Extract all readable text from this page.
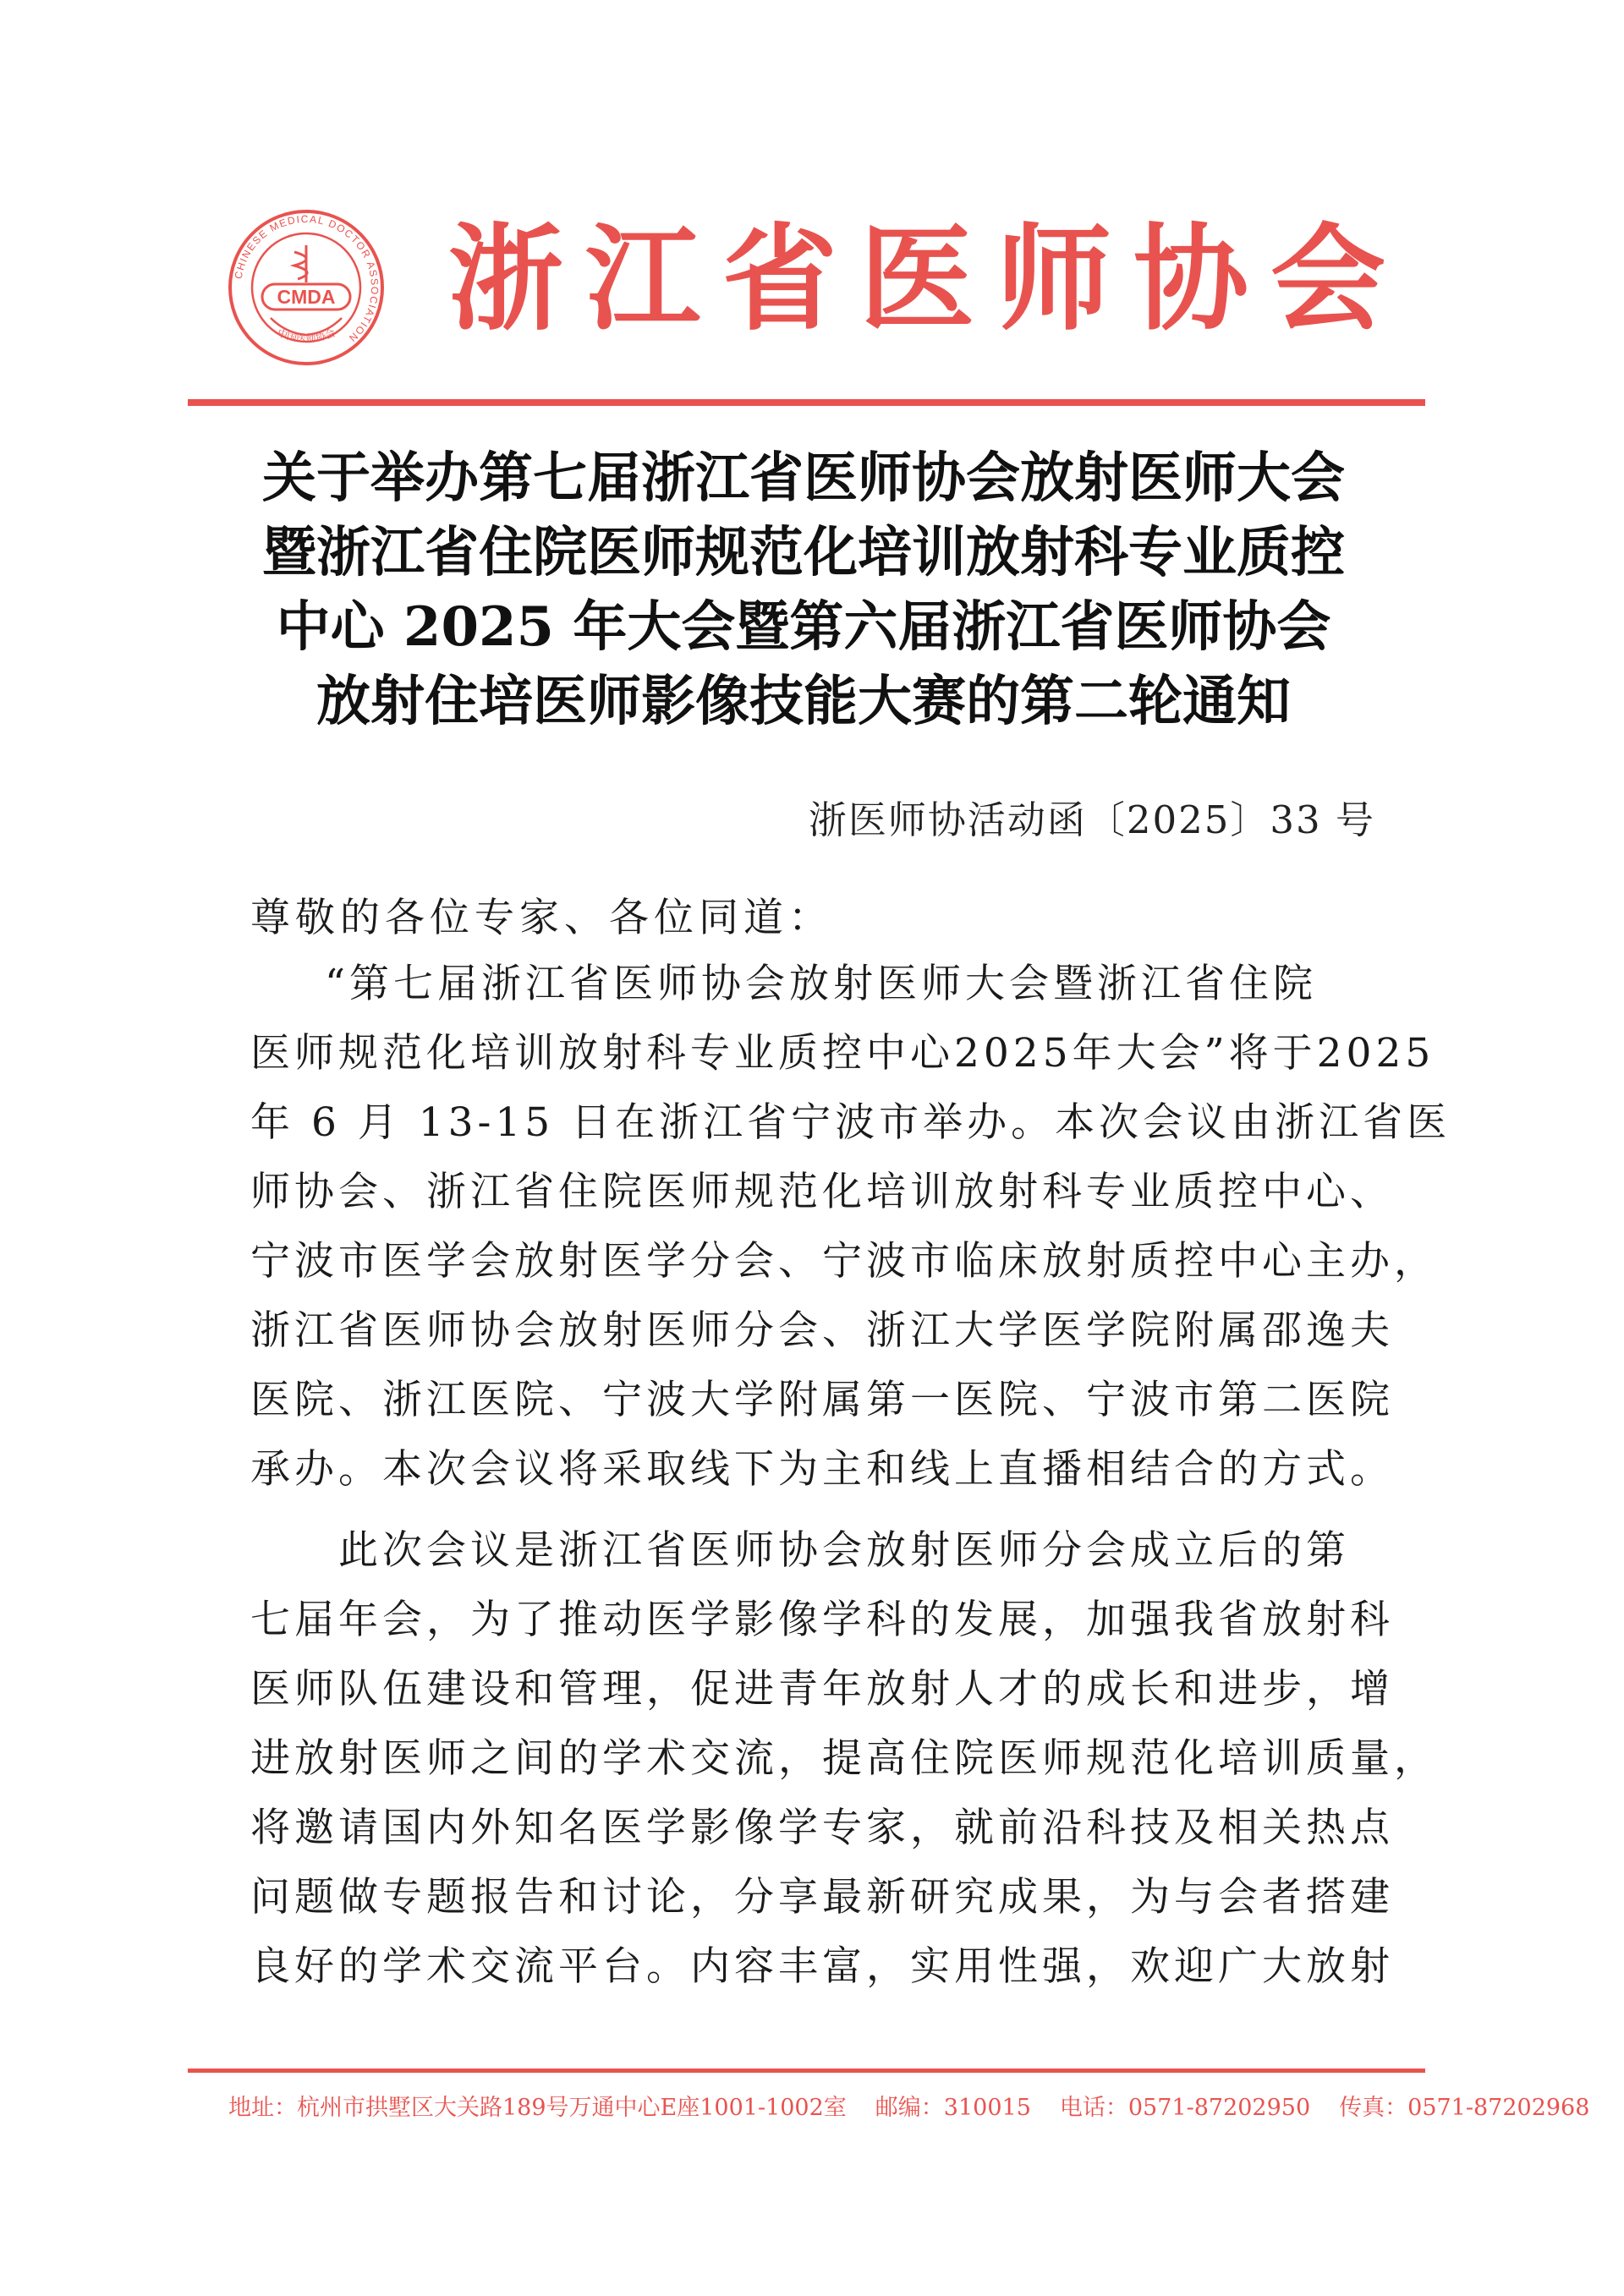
CHINESE MEDICAL DOCTOR ASSOCIATION
中国医师协会
CMDA 浙江省医师协会
关于举办第七届浙江省医师协会放射医师大会
暨浙江省住院医师规范化培训放射科专业质控
中心 2025 年大会暨第六届浙江省医师协会
放射住培医师影像技能大赛的第二轮通知
浙医师协活动函〔2025〕33 号
尊敬的各位专家、各位同道：
“第七届浙江省医师协会放射医师大会暨浙江省住院
医师规范化培训放射科专业质控中心2025年大会”将于2025
年 6 月 13-15 日在浙江省宁波市举办。本次会议由浙江省医
师协会、浙江省住院医师规范化培训放射科专业质控中心、
宁波市医学会放射医学分会、宁波市临床放射质控中心主办，
浙江省医师协会放射医师分会、浙江大学医学院附属邵逸夫
医院、浙江医院、宁波大学附属第一医院、宁波市第二医院
承办。本次会议将采取线下为主和线上直播相结合的方式。
此次会议是浙江省医师协会放射医师分会成立后的第
七届年会，为了推动医学影像学科的发展，加强我省放射科
医师队伍建设和管理，促进青年放射人才的成长和进步，增
进放射医师之间的学术交流，提高住院医师规范化培训质量，
将邀请国内外知名医学影像学专家，就前沿科技及相关热点
问题做专题报告和讨论，分享最新研究成果，为与会者搭建
良好的学术交流平台。内容丰富，实用性强，欢迎广大放射
地址：杭州市拱墅区大关路189号万通中心E座1001-1002室 邮编：310015 电话：0571-87202950 传真：0571-87202968
